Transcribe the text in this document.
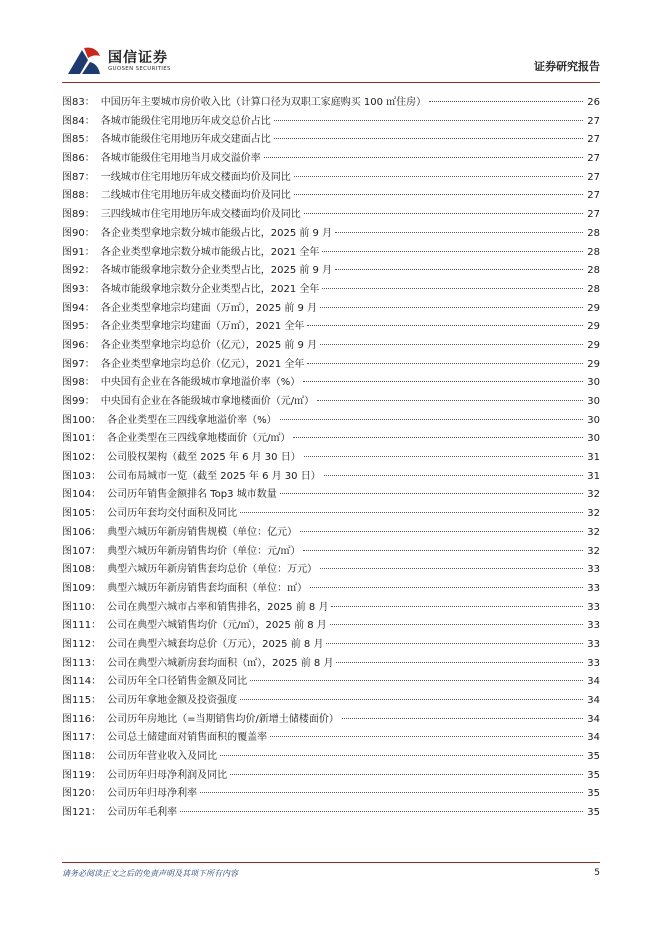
国信证券
GUOSEN SECURITIES	证券研究报告
图83： 中国历年主要城市房价收入比（计算口径为双职工家庭购买 100 ㎡住房）	26
图84： 各城市能级住宅用地历年成交总价占比	27
图85： 各城市能级住宅用地历年成交建面占比	27
图86： 各城市能级住宅用地当月成交溢价率	27
图87： 一线城市住宅用地历年成交楼面均价及同比	27
图88： 二线城市住宅用地历年成交楼面均价及同比	27
图89： 三四线城市住宅用地历年成交楼面均价及同比	27
图90： 各企业类型拿地宗数分城市能级占比，2025 前 9 月	28
图91： 各企业类型拿地宗数分城市能级占比，2021 全年	28
图92： 各城市能级拿地宗数分企业类型占比，2025 前 9 月	28
图93： 各城市能级拿地宗数分企业类型占比，2021 全年	28
图94： 各企业类型拿地宗均建面（万㎡），2025 前 9 月	29
图95： 各企业类型拿地宗均建面（万㎡），2021 全年	29
图96： 各企业类型拿地宗均总价（亿元），2025 前 9 月	29
图97： 各企业类型拿地宗均总价（亿元），2021 全年	29
图98： 中央国有企业在各能级城市拿地溢价率（%）	30
图99： 中央国有企业在各能级城市拿地楼面价（元/㎡）	30
图100： 各企业类型在三四线拿地溢价率（%）	30
图101： 各企业类型在三四线拿地楼面价（元/㎡）	30
图102： 公司股权架构（截至 2025 年 6 月 30 日）	31
图103： 公司布局城市一览（截至 2025 年 6 月 30 日）	31
图104： 公司历年销售金额排名 Top3 城市数量	32
图105： 公司历年套均交付面积及同比	32
图106： 典型六城历年新房销售规模（单位：亿元）	32
图107： 典型六城历年新房销售均价（单位：元/㎡）	32
图108： 典型六城历年新房销售套均总价（单位：万元）	33
图109： 典型六城历年新房销售套均面积（单位：㎡）	33
图110： 公司在典型六城市占率和销售排名，2025 前 8 月	33
图111： 公司在典型六城销售均价（元/㎡），2025 前 8 月	33
图112： 公司在典型六城套均总价（万元），2025 前 8 月	33
图113： 公司在典型六城新房套均面积（㎡），2025 前 8 月	33
图114： 公司历年全口径销售金额及同比	34
图115： 公司历年拿地金额及投资强度	34
图116： 公司历年房地比（=当期销售均价/新增土储楼面价）	34
图117： 公司总土储建面对销售面积的覆盖率	34
图118： 公司历年营业收入及同比	35
图119： 公司历年归母净利润及同比	35
图120： 公司历年归母净利率	35
图121： 公司历年毛利率	35
请务必阅读正文之后的免责声明及其项下所有内容	5
